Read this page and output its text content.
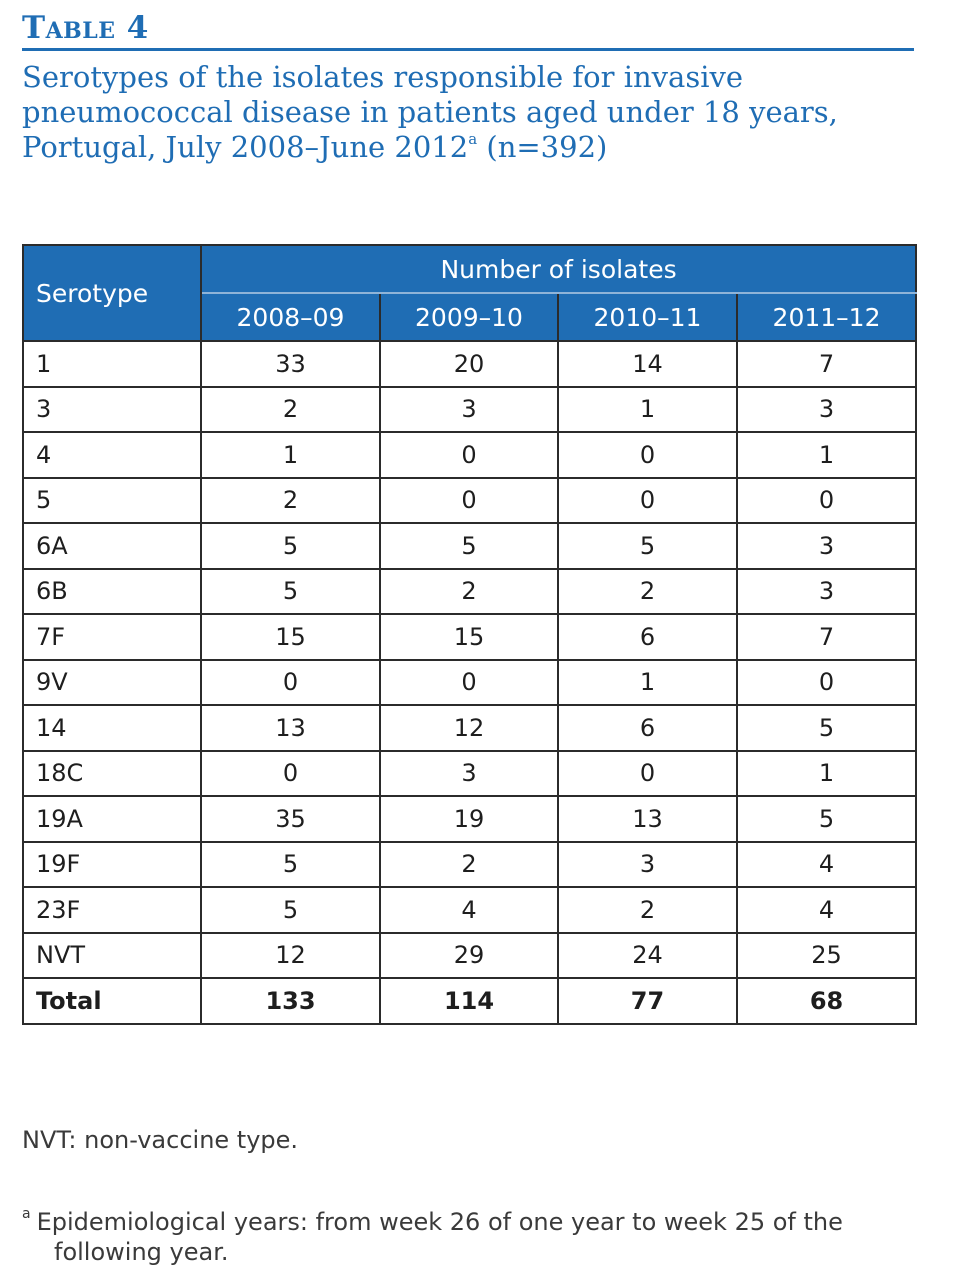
Table 4
Serotypes of the isolates responsible for invasive pneumococcal disease in patients aged under 18 years, Portugal, July 2008–June 2012$^a$ (n=392)
Serotype	Number of isolates			
	2008–09	2009–10	2010–11	2011–12
1	33	20	14	7
3	2	3	1	3
4	1	0	0	1
5	2	0	0	0
6A	5	5	5	3
6B	5	2	2	3
7F	15	15	6	7
9V	0	0	1	0
14	13	12	6	5
18C	0	3	0	1
19A	35	19	13	5
19F	5	2	3	4
23F	5	4	2	4
NVT	12	29	24	25
Total	133	114	77	68
NVT: non-vaccine type.
$^a$ Epidemiological years: from week 26 of one year to week 25 of the following year.
